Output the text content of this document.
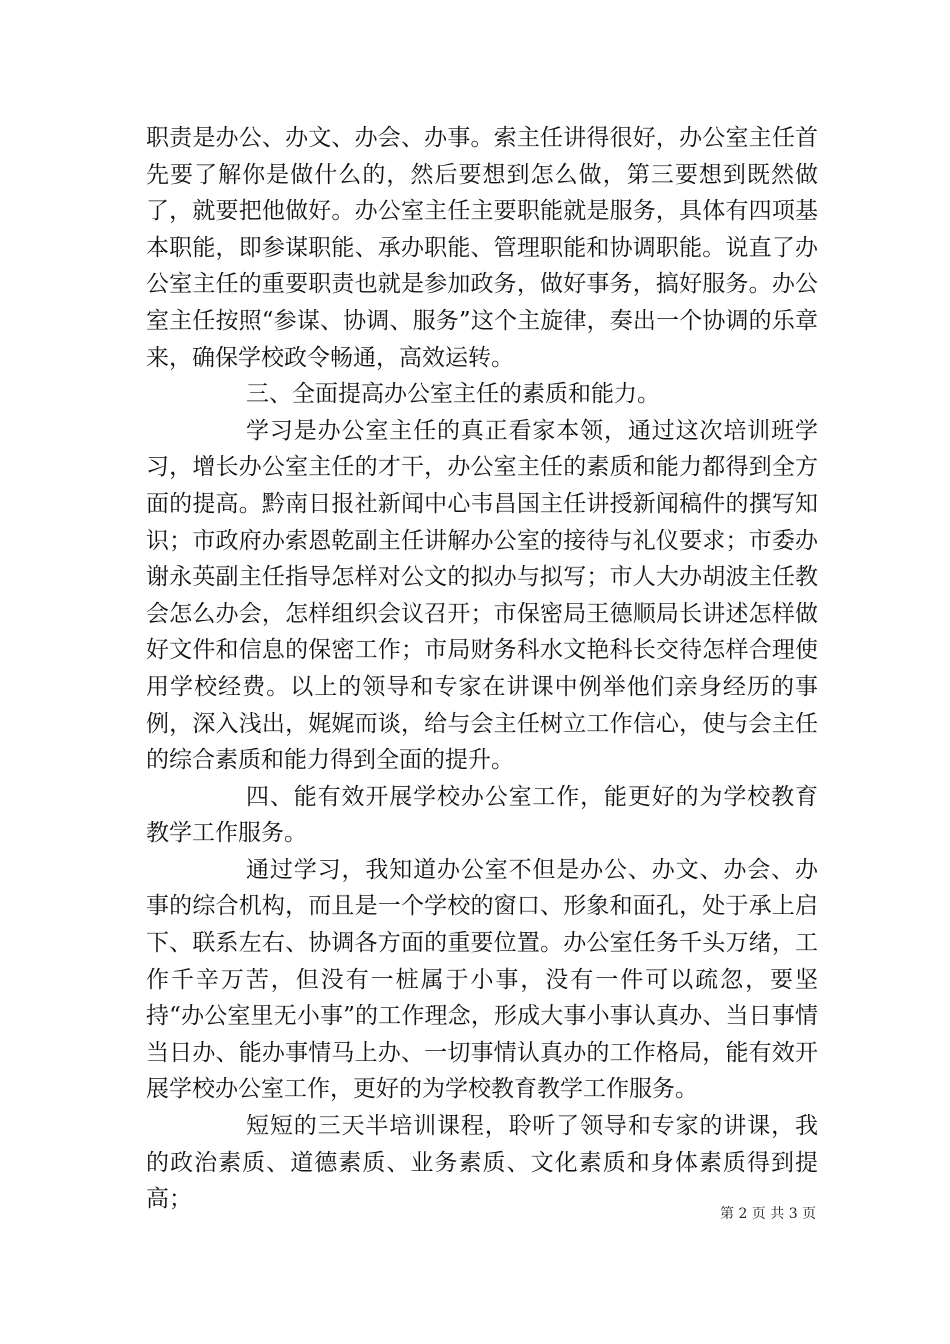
职责是办公、办文、办会、办事。索主任讲得很好，办公室主任首先要了解你是做什么的，然后要想到怎么做，第三要想到既然做了，就要把他做好。办公室主任主要职能就是服务，具体有四项基本职能，即参谋职能、承办职能、管理职能和协调职能。说直了办公室主任的重要职责也就是参加政务，做好事务，搞好服务。办公室主任按照“参谋、协调、服务”这个主旋律，奏出一个协调的乐章来，确保学校政令畅通，高效运转。

三、全面提高办公室主任的素质和能力。

学习是办公室主任的真正看家本领，通过这次培训班学习，增长办公室主任的才干，办公室主任的素质和能力都得到全方面的提高。黔南日报社新闻中心韦昌国主任讲授新闻稿件的撰写知识；市政府办索恩乾副主任讲解办公室的接待与礼仪要求；市委办谢永英副主任指导怎样对公文的拟办与拟写；市人大办胡波主任教会怎么办会，怎样组织会议召开；市保密局王德顺局长讲述怎样做好文件和信息的保密工作；市局财务科水文艳科长交待怎样合理使用学校经费。以上的领导和专家在讲课中例举他们亲身经历的事例，深入浅出，娓娓而谈，给与会主任树立工作信心，使与会主任的综合素质和能力得到全面的提升。

四、能有效开展学校办公室工作，能更好的为学校教育教学工作服务。

通过学习，我知道办公室不但是办公、办文、办会、办事的综合机构，而且是一个学校的窗口、形象和面孔，处于承上启下、联系左右、协调各方面的重要位置。办公室任务千头万绪，工作千辛万苦，但没有一桩属于小事，没有一件可以疏忽，要坚持“办公室里无小事”的工作理念，形成大事小事认真办、当日事情当日办、能办事情马上办、一切事情认真办的工作格局，能有效开展学校办公室工作，更好的为学校教育教学工作服务。

短短的三天半培训课程，聆听了领导和专家的讲课，我的政治素质、道德素质、业务素质、文化素质和身体素质得到提高；

第 2 页 共 3 页
